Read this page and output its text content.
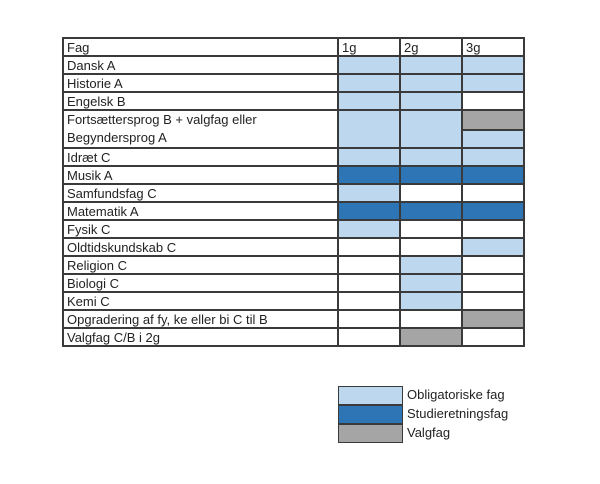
Fag	1g	2g	3g
Dansk A			
Historie A			
Engelsk B			
Fortsættersprog B + valgfag eller Begyndersprog A			
Idræt C			
Musik A			
Samfundsfag C			
Matematik A			
Fysik C			
Oldtidskundskab C			
Religion C			
Biologi C			
Kemi C			
Opgradering af fy, ke eller bi C til B			
Valgfag C/B i 2g			
Obligatoriske fag
Studieretningsfag
Valgfag
